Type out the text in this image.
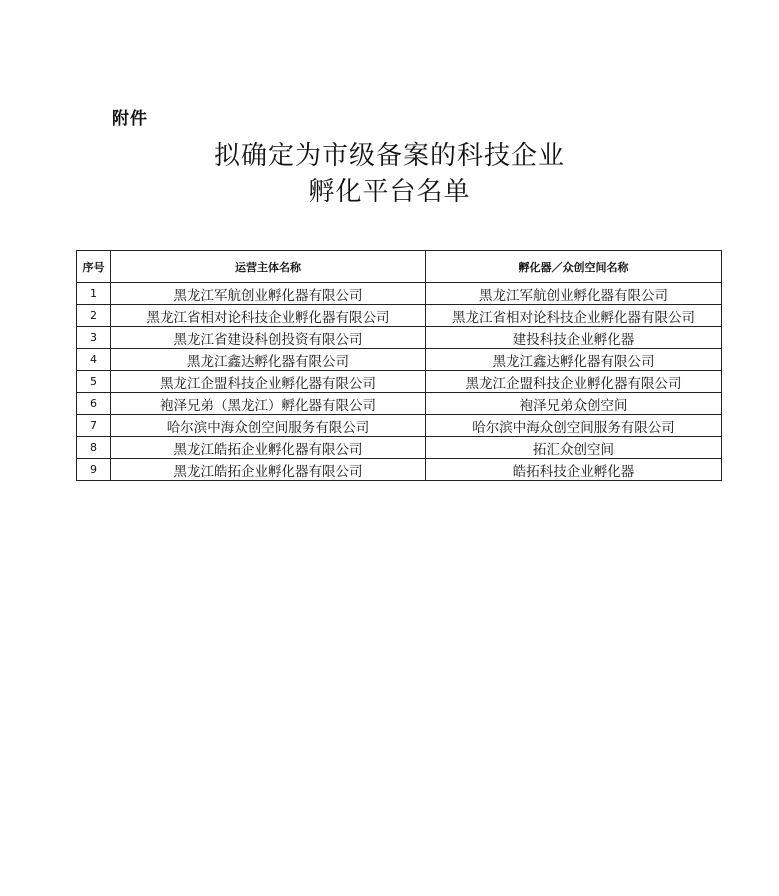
附件
拟确定为市级备案的科技企业
孵化平台名单
序号	运营主体名称	孵化器／众创空间名称
1	黑龙江军航创业孵化器有限公司	黑龙江军航创业孵化器有限公司
2	黑龙江省相对论科技企业孵化器有限公司	黑龙江省相对论科技企业孵化器有限公司
3	黑龙江省建设科创投资有限公司	建投科技企业孵化器
4	黑龙江鑫达孵化器有限公司	黑龙江鑫达孵化器有限公司
5	黑龙江企盟科技企业孵化器有限公司	黑龙江企盟科技企业孵化器有限公司
6	袍泽兄弟（黑龙江）孵化器有限公司	袍泽兄弟众创空间
7	哈尔滨中海众创空间服务有限公司	哈尔滨中海众创空间服务有限公司
8	黑龙江皓拓企业孵化器有限公司	拓汇众创空间
9	黑龙江皓拓企业孵化器有限公司	皓拓科技企业孵化器
